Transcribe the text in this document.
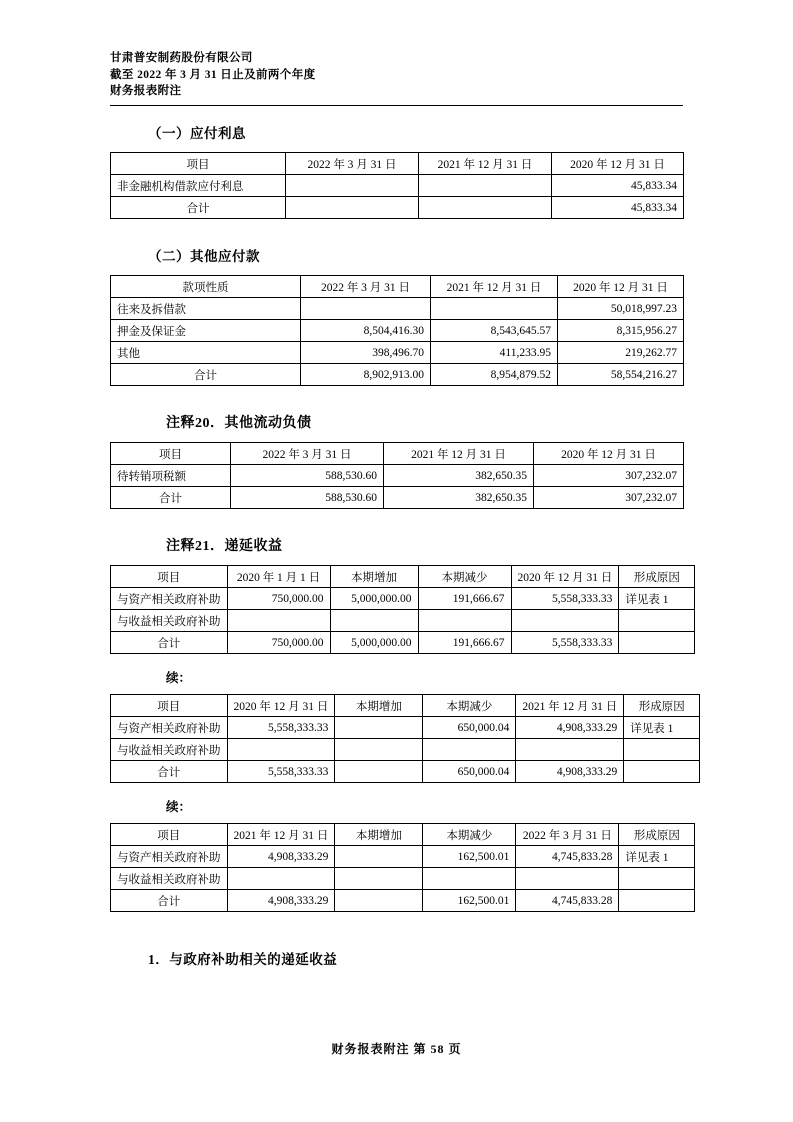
甘肃普安制药股份有限公司
截至 2022 年 3 月 31 日止及前两个年度
财务报表附注
（一）应付利息
项目	2022 年 3 月 31 日	2021 年 12 月 31 日	2020 年 12 月 31 日
非金融机构借款应付利息			45,833.34
合计			45,833.34
（二）其他应付款
款项性质	2022 年 3 月 31 日	2021 年 12 月 31 日	2020 年 12 月 31 日
往来及拆借款			50,018,997.23
押金及保证金	8,504,416.30	8,543,645.57	8,315,956.27
其他	398,496.70	411,233.95	219,262.77
合计	8,902,913.00	8,954,879.52	58,554,216.27
注释20．其他流动负债
项目	2022 年 3 月 31 日	2021 年 12 月 31 日	2020 年 12 月 31 日
待转销项税额	588,530.60	382,650.35	307,232.07
合计	588,530.60	382,650.35	307,232.07
注释21．递延收益
项目	2020 年 1 月 1 日	本期增加	本期减少	2020 年 12 月 31 日	形成原因
与资产相关政府补助	750,000.00	5,000,000.00	191,666.67	5,558,333.33	详见表 1
与收益相关政府补助					
合计	750,000.00	5,000,000.00	191,666.67	5,558,333.33	
续：
项目	2020 年 12 月 31 日	本期增加	本期减少	2021 年 12 月 31 日	形成原因
与资产相关政府补助	5,558,333.33		650,000.04	4,908,333.29	详见表 1
与收益相关政府补助					
合计	5,558,333.33		650,000.04	4,908,333.29	
续：
项目	2021 年 12 月 31 日	本期增加	本期减少	2022 年 3 月 31 日	形成原因
与资产相关政府补助	4,908,333.29		162,500.01	4,745,833.28	详见表 1
与收益相关政府补助					
合计	4,908,333.29		162,500.01	4,745,833.28	
1．与政府补助相关的递延收益
财务报表附注 第 58 页
